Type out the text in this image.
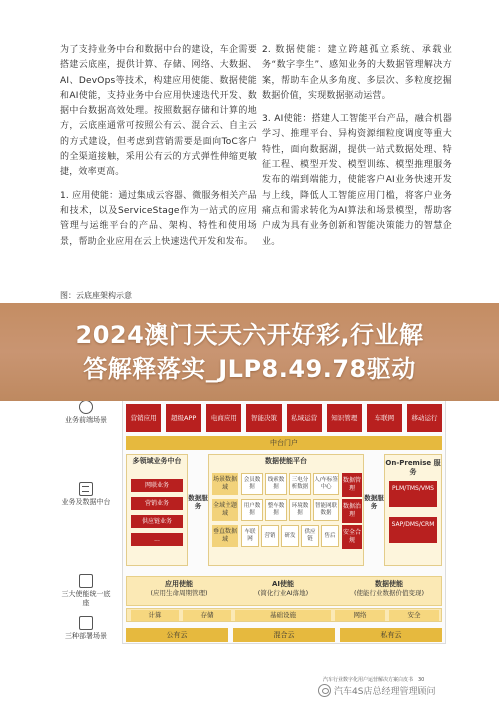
为了支持业务中台和数据中台的建设，车企需要搭建云底座，提供计算、存储、网络、大数据、AI、DevOps等技术，构建应用使能、数据使能和AI使能，支持业务中台应用快速迭代开发、数据中台数据高效处理。按照数据存储和计算的地方，云底座通常可按照公有云、混合云、自主云的方式建设，但考虑到营销需要是面向ToC客户的全渠道接触，采用公有云的方式弹性伸缩更敏捷，效率更高。

1. 应用使能：通过集成云容器、微服务相关产品和技术，以及ServiceStage作为一站式的应用管理与运维平台的产品、架构、特性和使用场景，帮助企业应用在云上快速迭代开发和发布。

2. 数据使能：建立跨越孤立系统、承载业务“数字孪生”、感知业务的大数据管理解决方案，帮助车企从多角度、多层次、多粒度挖掘数据价值，实现数据驱动运营。

3. AI使能：搭建人工智能平台产品，融合机器学习、推理平台、异构资源细粒度调度等重大特性，面向数据湖，提供一站式数据处理、特征工程、模型开发、模型训练、模型推理服务发布的端到端能力，使能客户AI业务快速开发与上线，降低人工智能应用门槛，将客户业务痛点和需求转化为AI算法和场景模型，帮助客户成为具有业务创新和智能决策能力的智慧企业。

图：云底座架构示意
业务前端场景
业务及数据中台
三大使能统一底座
三种部署场景
营销应用	超级APP	电商应用	智能决策	私域运营	知识管理	车联网	移动运行
中台门户
多领域业务中台
网联业务
营销业务
供应链业务
...
数据服务
数据使能平台
场景数据域
全域主题域
垂直数据域
会员数据
线索数据
三电分析数据
人/车标签中心
用户数据
整车数据
环境数据
智能网联数据
车联网
营销	研发
供应链
售后
数据管理
数据治理
安全合规
数据服务
On-Premise 服务
PLM/TMS/VMS
SAP/DMS/CRM
应用使能
(应用生命周期管理)
AI使能
(简化行业AI落地)
数据使能
(使能行业数据价值变现)
计算	存储	基础设施	网络	安全
公有云	混合云	私有云
2024澳门天天六开好彩,行业解
答解释落实_JLP8.49.78驱动
汽车行业数字化用户运营解决方案白皮书　30
汽车4S店总经理管理顾问
